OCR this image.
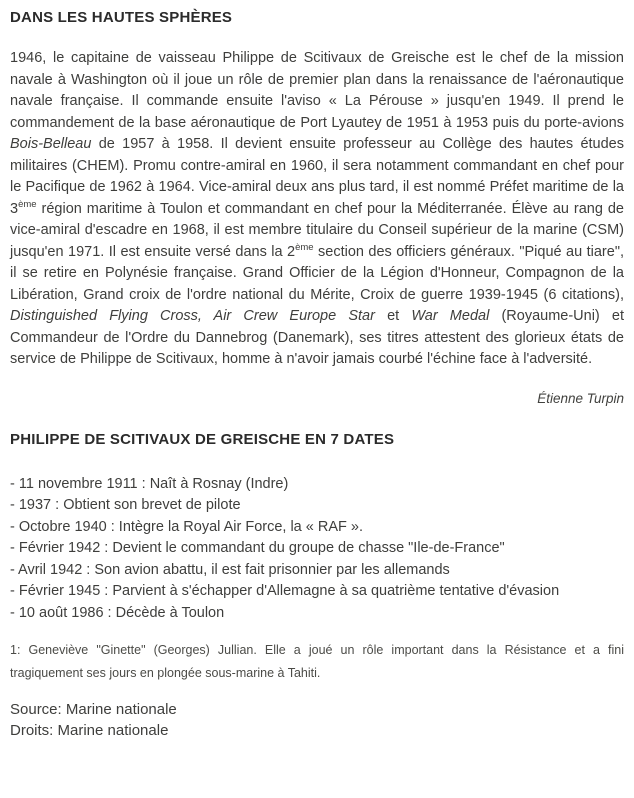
DANS LES HAUTES SPHÈRES

1946, le capitaine de vaisseau Philippe de Scitivaux de Greische est le chef de la mission navale à Washington où il joue un rôle de premier plan dans la renaissance de l'aéronautique navale française. Il commande ensuite l'aviso « La Pérouse » jusqu'en 1949. Il prend le commandement de la base aéronautique de Port Lyautey de 1951 à 1953 puis du porte-avions Bois-Belleau de 1957 à 1958. Il devient ensuite professeur au Collège des hautes études militaires (CHEM). Promu contre-amiral en 1960, il sera notamment commandant en chef pour le Pacifique de 1962 à 1964. Vice-amiral deux ans plus tard, il est nommé Préfet maritime de la 3ème région maritime à Toulon et commandant en chef pour la Méditerranée. Élève au rang de vice-amiral d'escadre en 1968, il est membre titulaire du Conseil supérieur de la marine (CSM) jusqu'en 1971. Il est ensuite versé dans la 2ème section des officiers généraux. "Piqué au tiare", il se retire en Polynésie française. Grand Officier de la Légion d'Honneur, Compagnon de la Libération, Grand croix de l'ordre national du Mérite, Croix de guerre 1939-1945 (6 citations), Distinguished Flying Cross, Air Crew Europe Star et War Medal (Royaume-Uni) et Commandeur de l'Ordre du Dannebrog (Danemark), ses titres attestent des glorieux états de service de Philippe de Scitivaux, homme à n'avoir jamais courbé l'échine face à l'adversité.

Étienne Turpin

PHILIPPE DE SCITIVAUX DE GREISCHE EN 7 DATES
- 11 novembre 1911 : Naît à Rosnay (Indre)
- 1937 : Obtient son brevet de pilote
- Octobre 1940 : Intègre la Royal Air Force, la « RAF ».
- Février 1942 : Devient le commandant du groupe de chasse "Ile-de-France"
- Avril 1942 : Son avion abattu, il est fait prisonnier par les allemands
- Février 1945 : Parvient à s'échapper d'Allemagne à sa quatrième tentative d'évasion
- 10 août 1986 : Décède à Toulon

1: Geneviève "Ginette" (Georges) Jullian. Elle a joué un rôle important dans la Résistance et a fini tragiquement ses jours en plongée sous-marine à Tahiti.

Source: Marine nationale

Droits: Marine nationale
